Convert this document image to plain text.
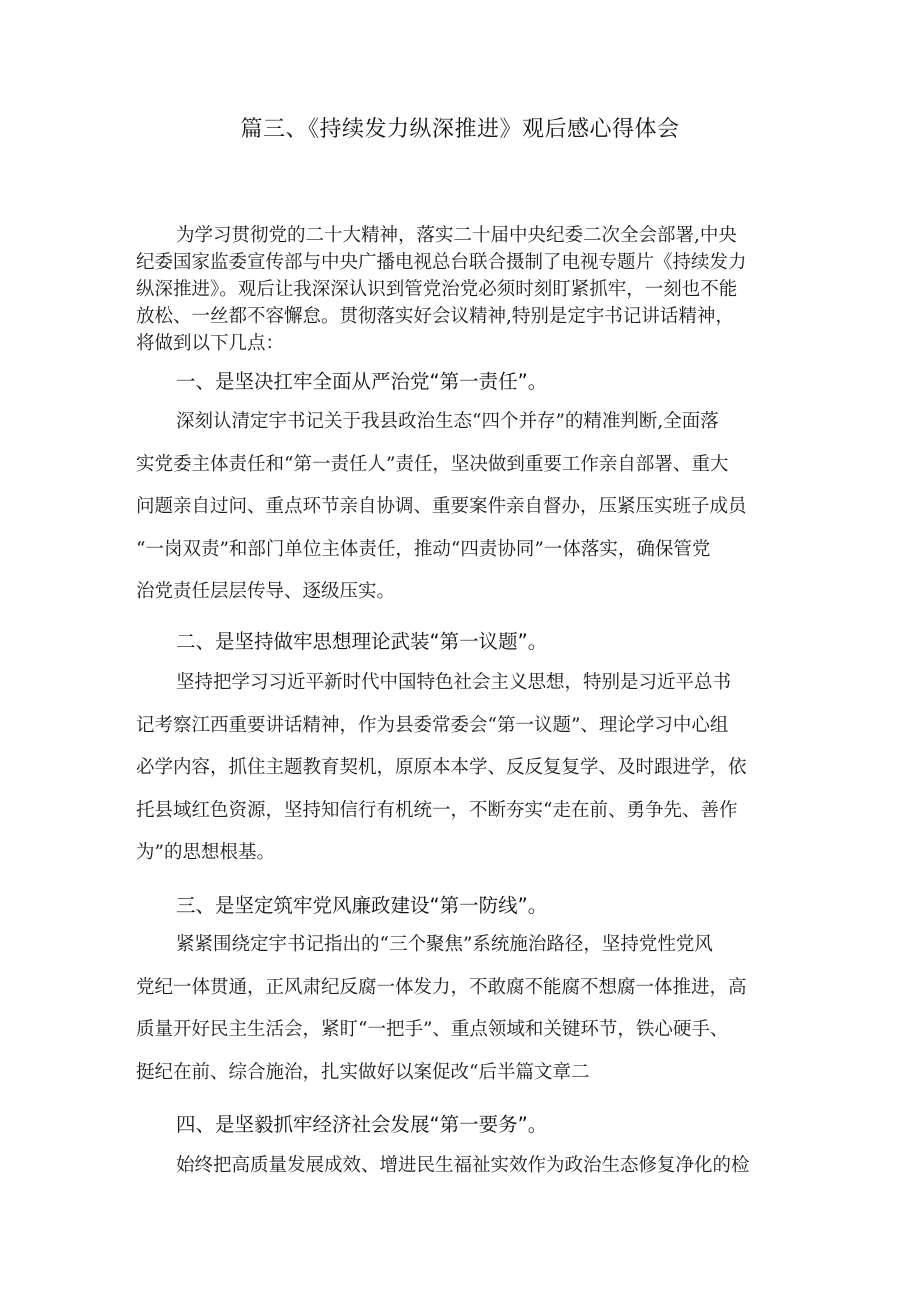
篇三、《持续发力纵深推进》观后感心得体会
为学习贯彻党的二十大精神，落实二十届中央纪委二次全会部署,中央
纪委国家监委宣传部与中央广播电视总台联合摄制了电视专题片《持续发力
纵深推进》。观后让我深深认识到管党治党必须时刻盯紧抓牢，一刻也不能
放松、一丝都不容懈怠。贯彻落实好会议精神,特别是定宇书记讲话精神，
将做到以下几点：
一、是坚决扛牢全面从严治党“第一责任”。
深刻认清定宇书记关于我县政治生态“四个并存”的精准判断,全面落
实党委主体责任和“第一责任人”责任，坚决做到重要工作亲自部署、重大
问题亲自过问、重点环节亲自协调、重要案件亲自督办，压紧压实班子成员
“一岗双责”和部门单位主体责任，推动“四责协同”一体落实，确保管党
治党责任层层传导、逐级压实。
二、是坚持做牢思想理论武装“第一议题”。
坚持把学习习近平新时代中国特色社会主义思想，特别是习近平总书
记考察江西重要讲话精神，作为县委常委会“第一议题”、理论学习中心组
必学内容，抓住主题教育契机，原原本本学、反反复复学、及时跟进学，依
托县域红色资源，坚持知信行有机统一，不断夯实“走在前、勇争先、善作
为”的思想根基。
三、是坚定筑牢党风廉政建设“第一防线”。
紧紧围绕定宇书记指出的“三个聚焦”系统施治路径，坚持党性党风
党纪一体贯通，正风肃纪反腐一体发力，不敢腐不能腐不想腐一体推进，高
质量开好民主生活会，紧盯“一把手”、重点领域和关键环节，铁心硬手、
挺纪在前、综合施治，扎实做好以案促改“后半篇文章二
四、是坚毅抓牢经济社会发展“第一要务”。
始终把高质量发展成效、增进民生福祉实效作为政治生态修复净化的检
